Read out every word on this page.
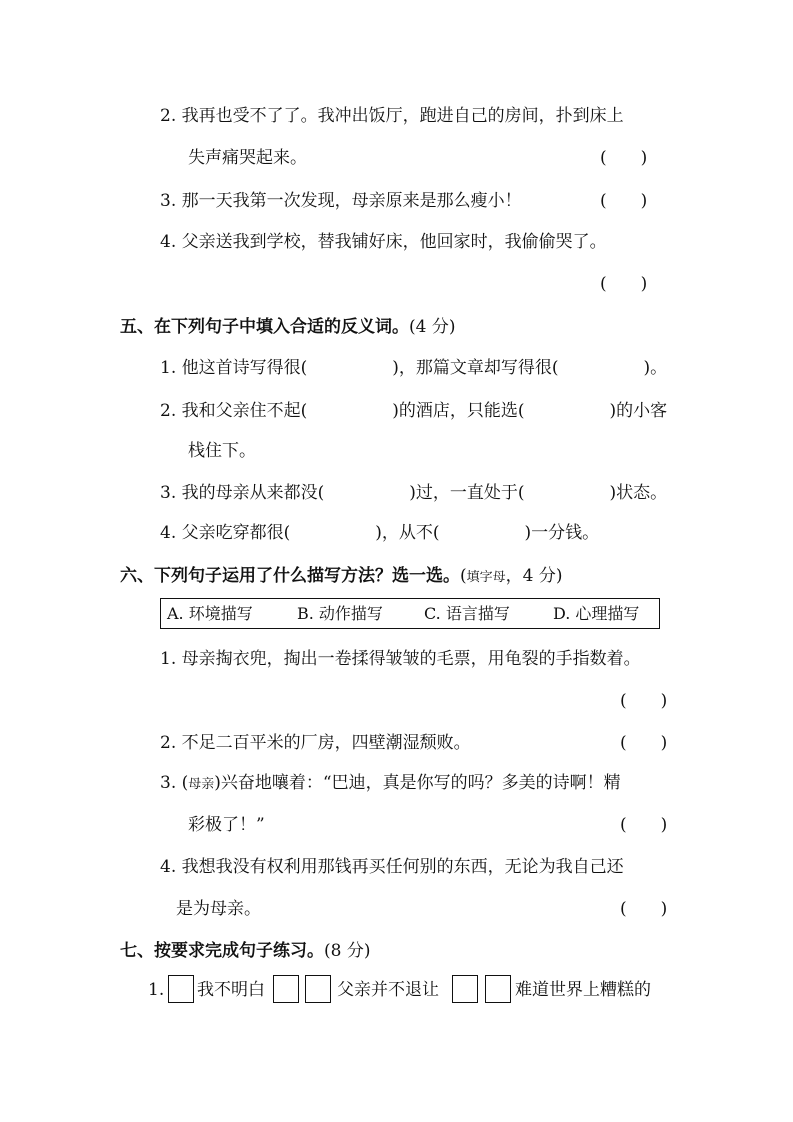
2. 我再也受不了了。我冲出饭厅，跑进自己的房间，扑到床上
失声痛哭起来。	(　　)
3. 那一天我第一次发现，母亲原来是那么瘦小！	(　　)
4. 父亲送我到学校，替我铺好床，他回家时，我偷偷哭了。
(　　)
五、在下列句子中填入合适的反义词。(4 分)
1. 他这首诗写得很(　　　　　)，那篇文章却写得很(　　　　　)。
2. 我和父亲住不起(　　　　　)的酒店，只能选(　　　　　)的小客
栈住下。
3. 我的母亲从来都没(　　　　　)过，一直处于(　　　　　)状态。
4. 父亲吃穿都很(　　　　　)，从不(　　　　　)一分钱。
六、下列句子运用了什么描写方法？选一选。(填字母，4 分)
A. 环境描写	B. 动作描写	C. 语言描写	D. 心理描写
1. 母亲掏衣兜，掏出一卷揉得皱皱的毛票，用龟裂的手指数着。
(　　)
2. 不足二百平米的厂房，四壁潮湿颓败。	(　　)
3. (母亲)兴奋地嚷着：“巴迪，真是你写的吗？多美的诗啊！精
彩极了！”	(　　)
4. 我想我没有权利用那钱再买任何别的东西，无论为我自己还
是为母亲。	(　　)
七、按要求完成句子练习。(8 分)
1. 我不明白	父亲并不退让	难道世界上糟糕的
